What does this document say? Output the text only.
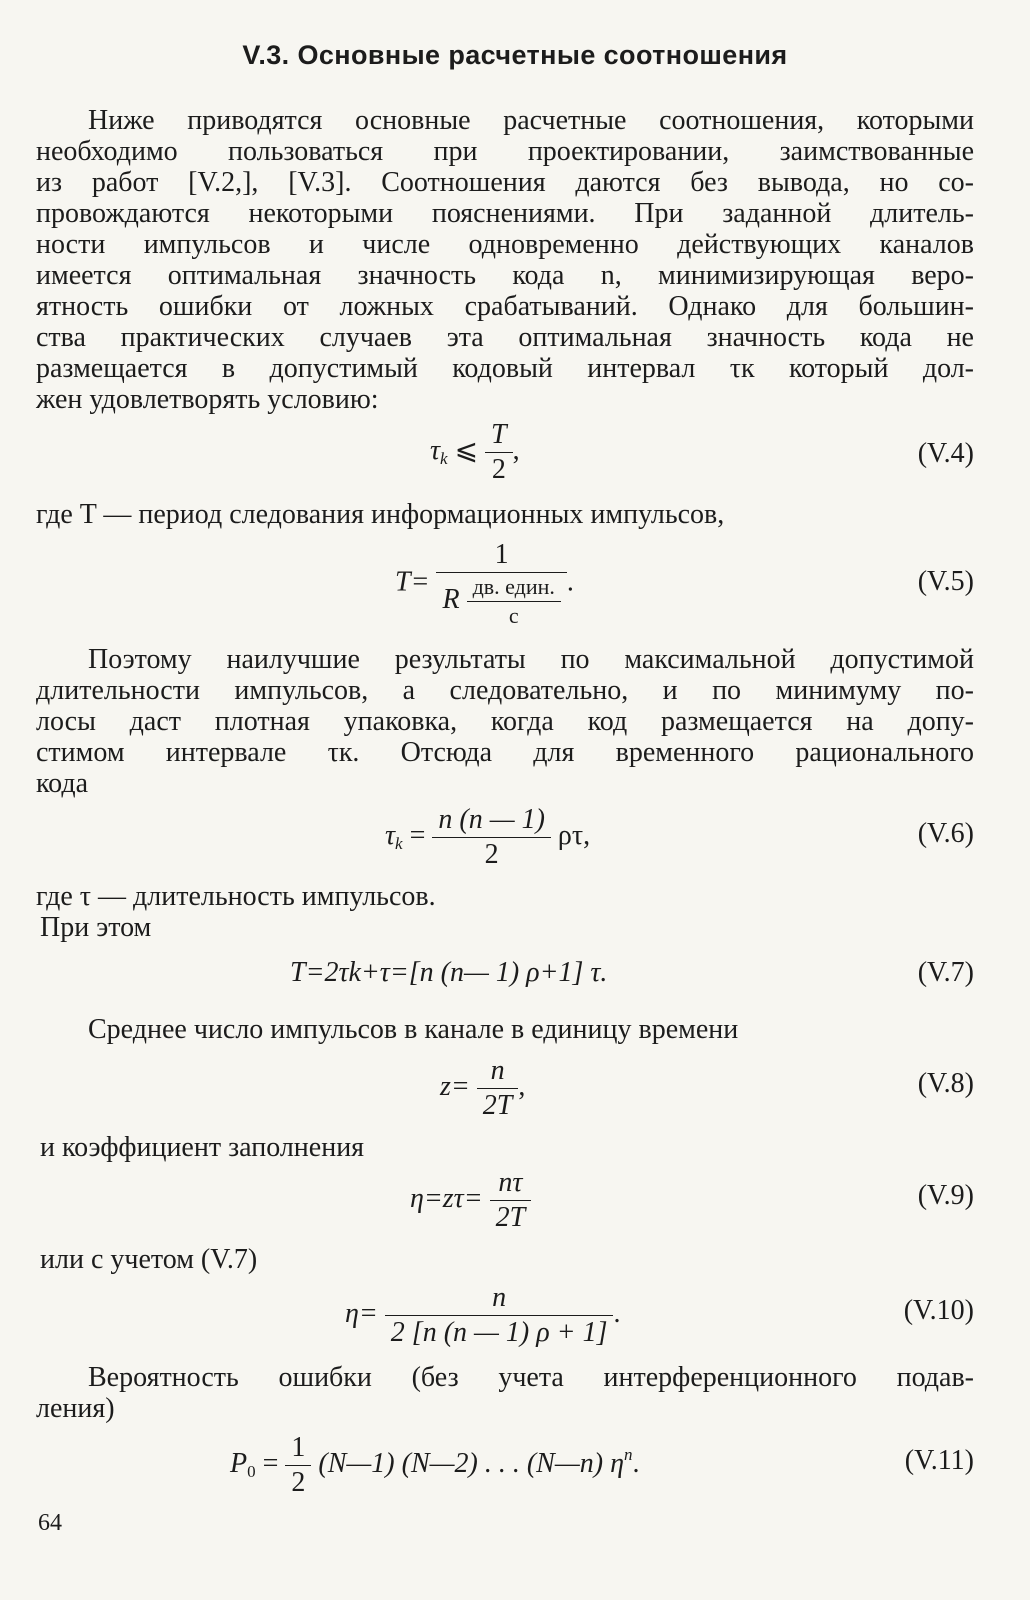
V.3. Основные расчетные соотношения
Ниже приводятся основные расчетные соотношения, которыми
необходимо пользоваться при проектировании, заимствованные
из работ [V.2,], [V.3]. Соотношения даются без вывода, но со-
провождаются некоторыми пояснениями. При заданной длитель-
ности импульсов и числе одновременно действующих каналов
имеется оптимальная значность кода n, минимизирующая веро-
ятность ошибки от ложных срабатываний. Однако для большин-
ства практических случаев эта оптимальная значность кода не
размещается в допустимый кодовый интервал τк который дол-
жен удовлетворять условию:
$\tau_k$ ⩽ $\frac{T}{2}$ ,	(V.4)
где T — период следования информационных импульсов,
$T= \frac{1}{R \frac{\text{дв. един.}}{с}}$ .	(V.5)
Поэтому наилучшие результаты по максимальной допустимой
длительности импульсов, а следовательно, и по минимуму по-
лосы даст плотная упаковка, когда код размещается на допу-
стимом интервале τк. Отсюда для временного рационального
кода
$\tau_k = \frac{n (n — 1)}{2} \rho\tau$,	(V.6)
где τ — длительность импульсов.
При этом
T=2τk+τ=[n (n— 1) ρ+1] τ.	(V.7)
Среднее число импульсов в канале в единицу времени
$z= \frac{n}{2T}$ ,	(V.8)
и коэффициент заполнения
$\eta=z\tau= \frac{n\tau}{2T}$	(V.9)
или с учетом (V.7)
$\eta= \frac{n}{2 [n (n — 1) \rho + 1]}$ .	(V.10)
Вероятность ошибки (без учета интерференционного подав-
ления)
$P_0 = \frac{1}{2}$ (N—1) (N—2) . . . (N—n) $\eta^n$.	(V.11)
64
